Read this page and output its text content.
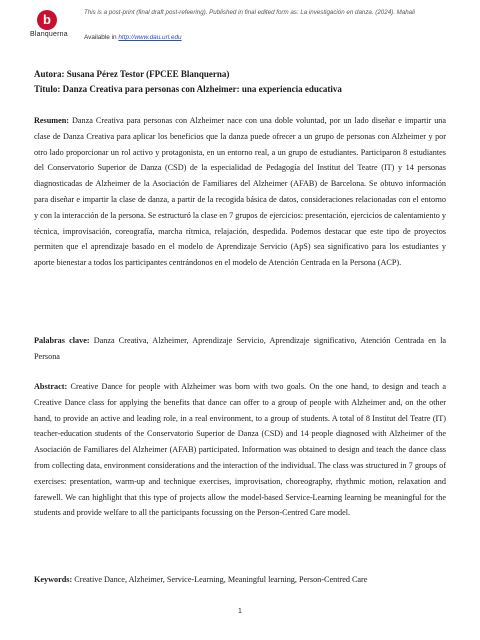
b
Blanquerna
This is a post-print (final draft post-refeering). Published in final edited form as: La investigación en danza. (2024). Mahali
Available in http://www.dau.url.edu
Autora: Susana Pérez Testor (FPCEE Blanquerna)
Titulo: Danza Creativa para personas con Alzheimer: una experiencia educativa
Resumen: Danza Creativa para personas con Alzheimer nace con una doble voluntad, por un lado diseñar e impartir una clase de Danza Creativa para aplicar los beneficios que la danza puede ofrecer a un grupo de personas con Alzheimer y por otro lado proporcionar un rol activo y protagonista, en un entorno real, a un grupo de estudiantes. Participaron 8 estudiantes del Conservatorio Superior de Danza (CSD) de la especialidad de Pedagogía del Institut del Teatre (IT) y 14 personas diagnosticadas de Alzheimer de la Asociación de Familiares del Alzheimer (AFAB) de Barcelona. Se obtuvo información para diseñar e impartir la clase de danza, a partir de la recogida básica de datos, consideraciones relacionadas con el entorno y con la interacción de la persona. Se estructuró la clase en 7 grupos de ejercicios: presentación, ejercicios de calentamiento y técnica, improvisación, coreografía, marcha rítmica, relajación, despedida. Podemos destacar que este tipo de proyectos permiten que el aprendizaje basado en el modelo de Aprendizaje Servicio (ApS) sea significativo para los estudiantes y aporte bienestar a todos los participantes centrándonos en el modelo de Atención Centrada en la Persona (ACP).
Palabras clave: Danza Creativa, Alzheimer, Aprendizaje Servicio, Aprendizaje significativo, Atención Centrada en la Persona
Abstract: Creative Dance for people with Alzheimer was born with two goals. On the one hand, to design and teach a Creative Dance class for applying the benefits that dance can offer to a group of people with Alzheimer and, on the other hand, to provide an active and leading role, in a real environment, to a group of students. A total of 8 Institut del Teatre (IT) teacher-education students of the Conservatorio Superior de Danza (CSD) and 14 people diagnosed with Alzheimer of the Asociación de Familiares del Alzheimer (AFAB) participated. Information was obtained to design and teach the dance class from collecting data, environment considerations and the interaction of the individual. The class was structured in 7 groups of exercises: presentation, warm-up and technique exercises, improvisation, choreography, rhythmic motion, relaxation and farewell. We can highlight that this type of projects allow the model-based Service-Learning learning be meaningful for the students and provide welfare to all the participants focussing on the Person-Centred Care model.
Keywords: Creative Dance, Alzheimer, Service-Learning, Meaningful learning, Person-Centred Care
1
